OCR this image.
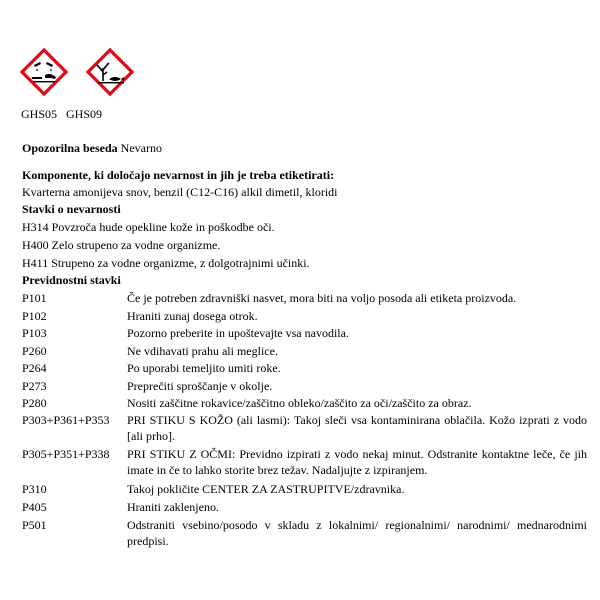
GHS05 GHS09
Opozorilna beseda Nevarno
Komponente, ki določajo nevarnost in jih je treba etiketirati:
Kvarterna amonijeva snov, benzil (C12-C16) alkil dimetil, kloridi
Stavki o nevarnosti
H314 Povzroča hude opekline kože in poškodbe oči.
H400 Zelo strupeno za vodne organizme.
H411 Strupeno za vodne organizme, z dolgotrajnimi učinki.
Previdnostni stavki
P101	Če je potreben zdravniški nasvet, mora biti na voljo posoda ali etiketa proizvoda.
P102	Hraniti zunaj dosega otrok.
P103	Pozorno preberite in upoštevajte vsa navodila.
P260	Ne vdihavati prahu ali meglice.
P264	Po uporabi temeljito umiti roke.
P273	Preprečiti sproščanje v okolje.
P280	Nositi zaščitne rokavice/zaščitno obleko/zaščito za oči/zaščito za obraz.
P303+P361+P353 PRI STIKU S KOŽO (ali lasmi): Takoj sleči vsa kontaminirana oblačila. Kožo izprati z vodo [ali prho].
P305+P351+P338 PRI STIKU Z OČMI: Previdno izpirati z vodo nekaj minut. Odstranite kontaktne leče, če jih imate in če to lahko storite brez težav. Nadaljujte z izpiranjem.
P310	Takoj pokličite CENTER ZA ZASTRUPITVE/zdravnika.
P405	Hraniti zaklenjeno.
P501	Odstraniti vsebino/posodo v skladu z lokalnimi/ regionalnimi/ narodnimi/ mednarodnimi predpisi.
